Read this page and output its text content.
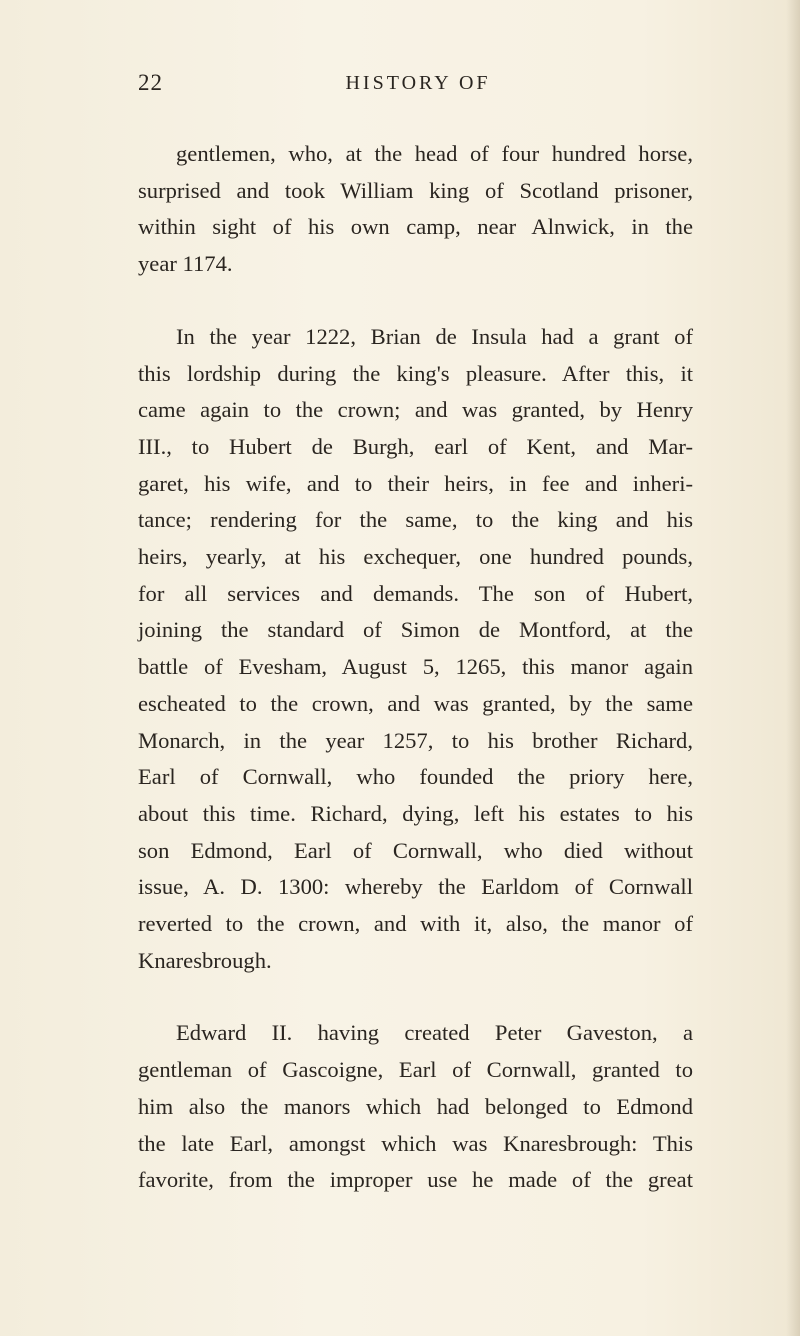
22	HISTORY OF
gentlemen, who, at the head of four hundred horse,
surprised and took William king of Scotland prisoner,
within sight of his own camp, near Alnwick, in the
year 1174.
In the year 1222, Brian de Insula had a grant of
this lordship during the king's pleasure. After this, it
came again to the crown; and was granted, by Henry
III., to Hubert de Burgh, earl of Kent, and Mar-
garet, his wife, and to their heirs, in fee and inheri-
tance; rendering for the same, to the king and his
heirs, yearly, at his exchequer, one hundred pounds,
for all services and demands. The son of Hubert,
joining the standard of Simon de Montford, at the
battle of Evesham, August 5, 1265, this manor again
escheated to the crown, and was granted, by the same
Monarch, in the year 1257, to his brother Richard,
Earl of Cornwall, who founded the priory here,
about this time. Richard, dying, left his estates to his
son Edmond, Earl of Cornwall, who died without
issue, A. D. 1300: whereby the Earldom of Cornwall
reverted to the crown, and with it, also, the manor of
Knaresbrough.
Edward II. having created Peter Gaveston, a
gentleman of Gascoigne, Earl of Cornwall, granted to
him also the manors which had belonged to Edmond
the late Earl, amongst which was Knaresbrough: This
favorite, from the improper use he made of the great
